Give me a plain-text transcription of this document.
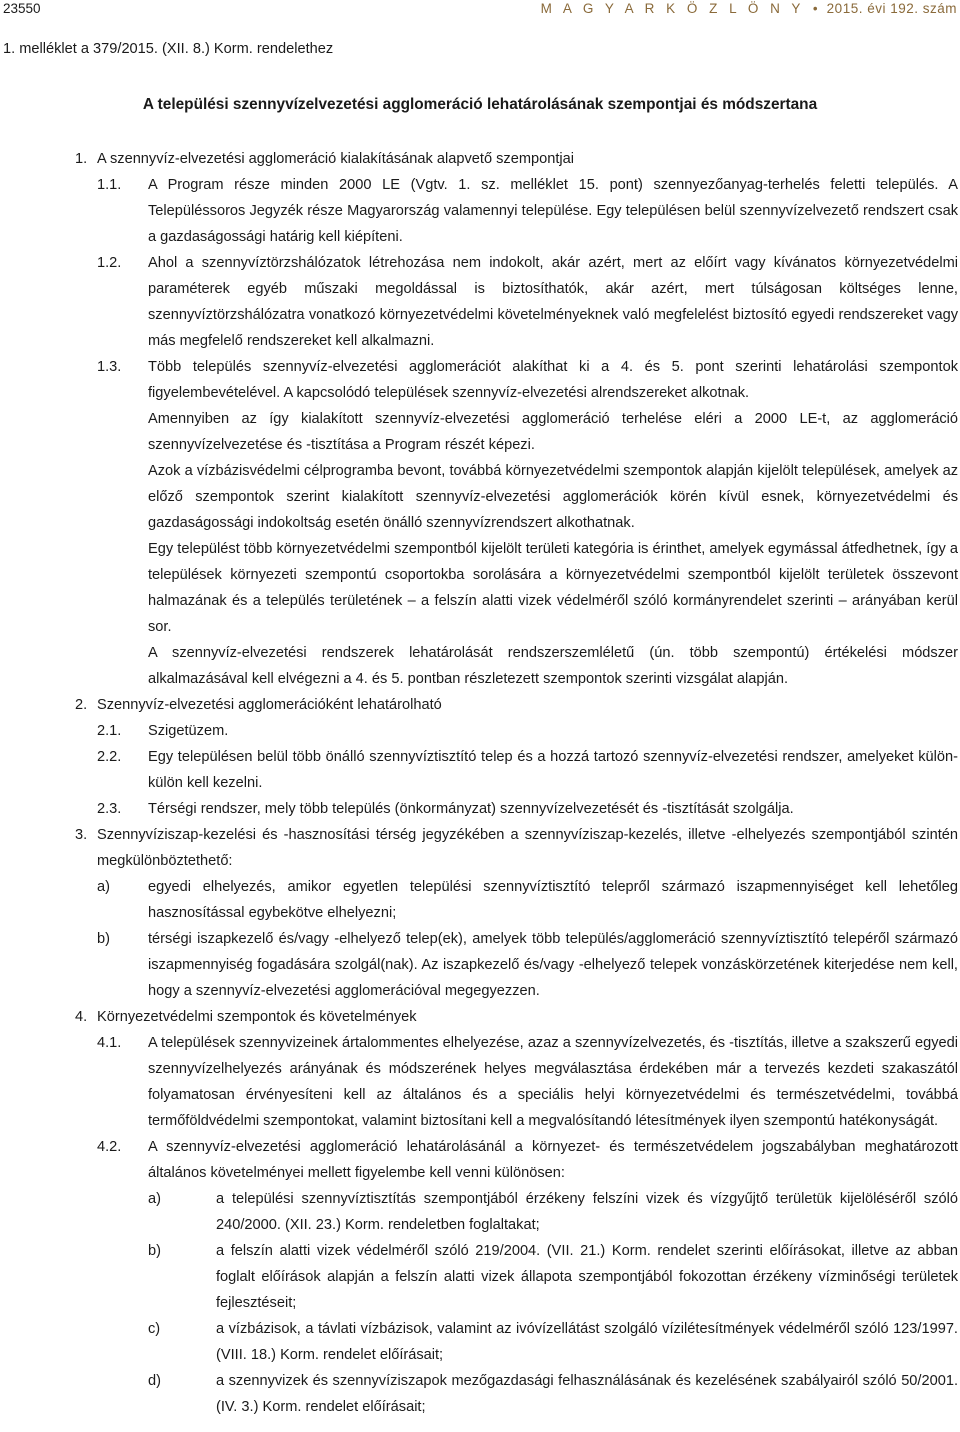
23550	M A G Y A R K Ö Z L Ö N Y • 2015. évi 192. szám
1. melléklet a 379/2015. (XII. 8.) Korm. rendelethez
A települési szennyvízelvezetési agglomeráció lehatárolásának szempontjai és módszertana
1. A szennyvíz-elvezetési agglomeráció kialakításának alapvető szempontjai
1.1. A Program része minden 2000 LE (Vgtv. 1. sz. melléklet 15. pont) szennyezőanyag-terhelés feletti település. A Településsoros Jegyzék része Magyarország valamennyi települése. Egy településen belül szennyvízelvezető rendszert csak a gazdaságossági határig kell kiépíteni.
1.2. Ahol a szennyvíztörzshálózatok létrehozása nem indokolt, akár azért, mert az előírt vagy kívánatos környezetvédelmi paraméterek egyéb műszaki megoldással is biztosíthatók, akár azért, mert túlságosan költséges lenne, szennyvíztörzshálózatra vonatkozó környezetvédelmi követelményeknek való megfelelést biztosító egyedi rendszereket vagy más megfelelő rendszereket kell alkalmazni.
1.3. Több település szennyvíz-elvezetési agglomerációt alakíthat ki a 4. és 5. pont szerinti lehatárolási szempontok figyelembevételével. A kapcsolódó települések szennyvíz-elvezetési alrendszereket alkotnak.
Amennyiben az így kialakított szennyvíz-elvezetési agglomeráció terhelése eléri a 2000 LE-t, az agglomeráció szennyvízelvezetése és -tisztítása a Program részét képezi.
Azok a vízbázisvédelmi célprogramba bevont, továbbá környezetvédelmi szempontok alapján kijelölt települések, amelyek az előző szempontok szerint kialakított szennyvíz-elvezetési agglomerációk körén kívül esnek, környezetvédelmi és gazdaságossági indokoltság esetén önálló szennyvízrendszert alkothatnak.
Egy települést több környezetvédelmi szempontból kijelölt területi kategória is érinthet, amelyek egymással átfedhetnek, így a települések környezeti szempontú csoportokba sorolására a környezetvédelmi szempontból kijelölt területek összevont halmazának és a település területének – a felszín alatti vizek védelméről szóló kormányrendelet szerinti – arányában kerül sor.
A szennyvíz-elvezetési rendszerek lehatárolását rendszerszemléletű (ún. több szempontú) értékelési módszer alkalmazásával kell elvégezni a 4. és 5. pontban részletezett szempontok szerinti vizsgálat alapján.
2. Szennyvíz-elvezetési agglomerációként lehatárolható
2.1. Szigetüzem.
2.2. Egy településen belül több önálló szennyvíztisztító telep és a hozzá tartozó szennyvíz-elvezetési rendszer, amelyeket külön-külön kell kezelni.
2.3. Térségi rendszer, mely több település (önkormányzat) szennyvízelvezetését és -tisztítását szolgálja.
3. Szennyvíziszap-kezelési és -hasznosítási térség jegyzékében a szennyvíziszap-kezelés, illetve -elhelyezés szempontjából szintén megkülönböztethető:
a)	egyedi elhelyezés, amikor egyetlen települési szennyvíztisztító telepről származó iszapmennyiséget kell lehetőleg hasznosítással egybekötve elhelyezni;
b)	térségi iszapkezelő és/vagy -elhelyező telep(ek), amelyek több település/agglomeráció szennyvíztisztító telepéről származó iszapmennyiség fogadására szolgál(nak). Az iszapkezelő és/vagy -elhelyező telepek vonzáskörzetének kiterjedése nem kell, hogy a szennyvíz-elvezetési agglomerációval megegyezzen.
4. Környezetvédelmi szempontok és követelmények
4.1. A települések szennyvizeinek ártalommentes elhelyezése, azaz a szennyvízelvezetés, és -tisztítás, illetve a szakszerű egyedi szennyvízelhelyezés arányának és módszerének helyes megválasztása érdekében már a tervezés kezdeti szakaszától folyamatosan érvényesíteni kell az általános és a speciális helyi környezetvédelmi és természetvédelmi, továbbá termőföldvédelmi szempontokat, valamint biztosítani kell a megvalósítandó létesítmények ilyen szempontú hatékonyságát.
4.2. A szennyvíz-elvezetési agglomeráció lehatárolásánál a környezet- és természetvédelem jogszabályban meghatározott általános követelményei mellett figyelembe kell venni különösen:
a)	a települési szennyvíztisztítás szempontjából érzékeny felszíni vizek és vízgyűjtő területük kijelöléséről szóló 240/2000. (XII. 23.) Korm. rendeletben foglaltakat;
b)	a felszín alatti vizek védelméről szóló 219/2004. (VII. 21.) Korm. rendelet szerinti előírásokat, illetve az abban foglalt előírások alapján a felszín alatti vizek állapota szempontjából fokozottan érzékeny vízminőségi területek fejlesztéseit;
c)	a vízbázisok, a távlati vízbázisok, valamint az ivóvízellátást szolgáló vízilétesítmények védelméről szóló 123/1997. (VIII. 18.) Korm. rendelet előírásait;
d)	a szennyvizek és szennyvíziszapok mezőgazdasági felhasználásának és kezelésének szabályairól szóló 50/2001. (IV. 3.) Korm. rendelet előírásait;
